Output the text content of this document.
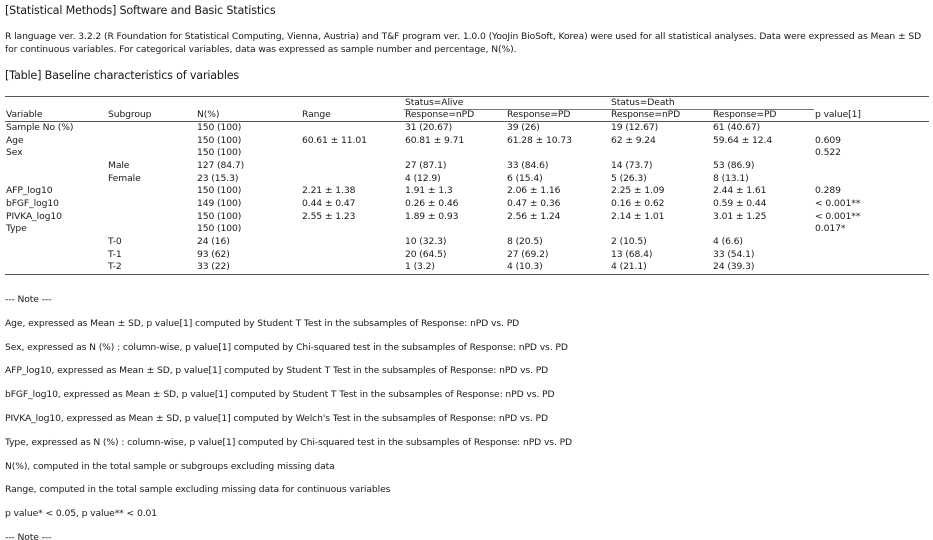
[Statistical Methods] Software and Basic Statistics
R language ver. 3.2.2 (R Foundation for Statistical Computing, Vienna, Austria) and T&F program ver. 1.0.0 (YooJin BioSoft, Korea) were used for all statistical analyses. Data were expressed as Mean ± SD for continuous variables. For categorical variables, data was expressed as sample number and percentage, N(%).
[Table] Baseline characteristics of variables
				Status=Alive		Status=Death		
Variable	Subgroup	N(%)	Range	Response=nPD	Response=PD	Response=nPD	Response=PD	p value[1]
Sample No (%)		150 (100)		31 (20.67)	39 (26)	19 (12.67)	61 (40.67)	
Age		150 (100)	60.61 ± 11.01	60.81 ± 9.71	61.28 ± 10.73	62 ± 9.24	59.64 ± 12.4	0.609
Sex		150 (100)						0.522
	Male	127 (84.7)		27 (87.1)	33 (84.6)	14 (73.7)	53 (86.9)	
	Female	23 (15.3)		4 (12.9)	6 (15.4)	5 (26.3)	8 (13.1)	
AFP_log10		150 (100)	2.21 ± 1.38	1.91 ± 1.3	2.06 ± 1.16	2.25 ± 1.09	2.44 ± 1.61	0.289
bFGF_log10		149 (100)	0.44 ± 0.47	0.26 ± 0.46	0.47 ± 0.36	0.16 ± 0.62	0.59 ± 0.44	< 0.001**
PIVKA_log10		150 (100)	2.55 ± 1.23	1.89 ± 0.93	2.56 ± 1.24	2.14 ± 1.01	3.01 ± 1.25	< 0.001**
Type		150 (100)						0.017*
	T-0	24 (16)		10 (32.3)	8 (20.5)	2 (10.5)	4 (6.6)	
	T-1	93 (62)		20 (64.5)	27 (69.2)	13 (68.4)	33 (54.1)	
	T-2	33 (22)		1 (3.2)	4 (10.3)	4 (21.1)	24 (39.3)	
--- Note ---
Age, expressed as Mean ± SD, p value[1] computed by Student T Test in the subsamples of Response: nPD vs. PD
Sex, expressed as N (%) : column-wise, p value[1] computed by Chi-squared test in the subsamples of Response: nPD vs. PD
AFP_log10, expressed as Mean ± SD, p value[1] computed by Student T Test in the subsamples of Response: nPD vs. PD
bFGF_log10, expressed as Mean ± SD, p value[1] computed by Student T Test in the subsamples of Response: nPD vs. PD
PIVKA_log10, expressed as Mean ± SD, p value[1] computed by Welch's Test in the subsamples of Response: nPD vs. PD
Type, expressed as N (%) : column-wise, p value[1] computed by Chi-squared test in the subsamples of Response: nPD vs. PD
N(%), computed in the total sample or subgroups excluding missing data
Range, computed in the total sample excluding missing data for continuous variables
p value* < 0.05, p value** < 0.01
--- Note ---
